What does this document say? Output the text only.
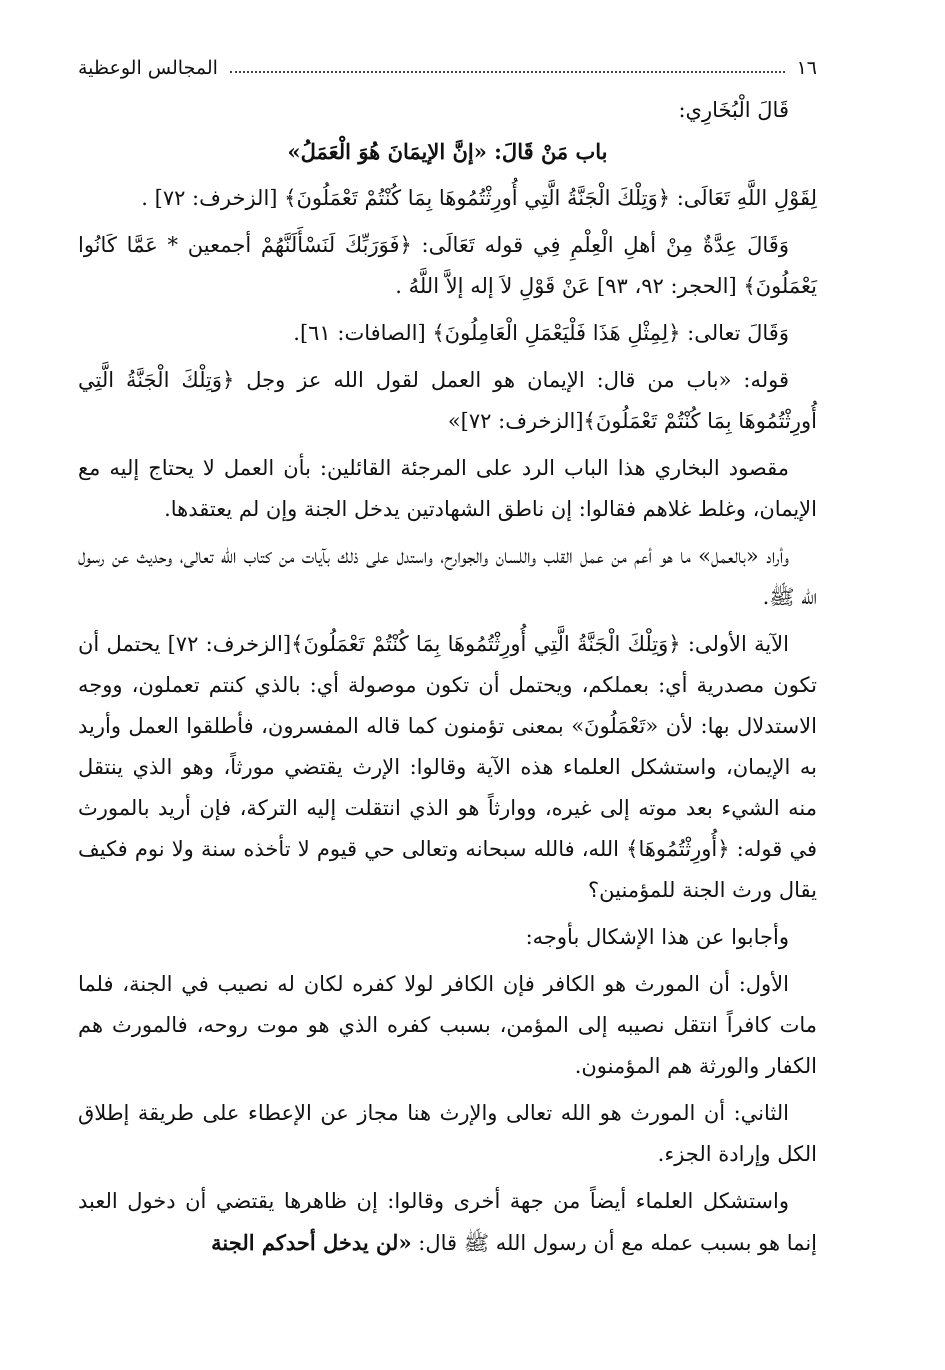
١٦
المجالس الوعظية

قَالَ الْبُخَارِي:

باب مَنْ قَالَ: «إنَّ الإيمَانَ هُوَ الْعَمَلُ»

لِقَوْلِ اللَّهِ تَعَالَى: ﴿وَتِلْكَ الْجَنَّةُ الَّتِي أُورِثْتُمُوهَا بِمَا كُنْتُمْ تَعْمَلُونَ﴾ [الزخرف: ٧٢] .

وَقَالَ عِدَّةٌ مِنْ أهلِ الْعِلْمِ فِي قوله تَعَالَى: ﴿فَوَرَبِّكَ لَنَسْأَلَنَّهُمْ أجمعين * عَمَّا كَانُوا يَعْمَلُونَ﴾ [الحجر: ٩٢، ٩٣] عَنْ قَوْلِ لاَ إله إلاَّ اللَّهُ .

وَقَالَ تعالى: ﴿لِمِثْلِ هَذَا فَلْيَعْمَلِ الْعَامِلُونَ﴾ [الصافات: ٦١].

قوله: «باب من قال: الإيمان هو العمل لقول الله عز وجل ﴿وَتِلْكَ الْجَنَّةُ الَّتِي أُورِثْتُمُوهَا بِمَا كُنْتُمْ تَعْمَلُونَ﴾[الزخرف: ٧٢]»

مقصود البخاري هذا الباب الرد على المرجئة القائلين: بأن العمل لا يحتاج إليه مع الإيمان، وغلط غلاهم فقالوا: إن ناطق الشهادتين يدخل الجنة وإن لم يعتقدها.

وأراد «بالعمل» ما هو أعم من عمل القلب واللسان والجوارح، واستدل على ذلك بآيات من كتاب الله تعالى، وحديث عن رسول الله ﷺ.

الآية الأولى: ﴿وَتِلْكَ الْجَنَّةُ الَّتِي أُورِثْتُمُوهَا بِمَا كُنْتُمْ تَعْمَلُونَ﴾[الزخرف: ٧٢] يحتمل أن تكون مصدرية أي: بعملكم، ويحتمل أن تكون موصولة أي: بالذي كنتم تعملون، ووجه الاستدلال بها: لأن «تَعْمَلُونَ» بمعنى تؤمنون كما قاله المفسرون، فأطلقوا العمل وأريد به الإيمان، واستشكل العلماء هذه الآية وقالوا: الإرث يقتضي مورثاً، وهو الذي ينتقل منه الشيء بعد موته إلى غيره، ووارثاً هو الذي انتقلت إليه التركة، فإن أريد بالمورث في قوله: ﴿أُورِثْتُمُوهَا﴾ الله، فالله سبحانه وتعالى حي قيوم لا تأخذه سنة ولا نوم فكيف يقال ورث الجنة للمؤمنين؟

وأجابوا عن هذا الإشكال بأوجه:

الأول: أن المورث هو الكافر فإن الكافر لولا كفره لكان له نصيب في الجنة، فلما مات كافراً انتقل نصيبه إلى المؤمن، بسبب كفره الذي هو موت روحه، فالمورث هم الكفار والورثة هم المؤمنون.

الثاني: أن المورث هو الله تعالى والإرث هنا مجاز عن الإعطاء على طريقة إطلاق الكل وإرادة الجزء.

واستشكل العلماء أيضاً من جهة أخرى وقالوا: إن ظاهرها يقتضي أن دخول العبد إنما هو بسبب عمله مع أن رسول الله ﷺ قال: «لن يدخل أحدكم الجنة
